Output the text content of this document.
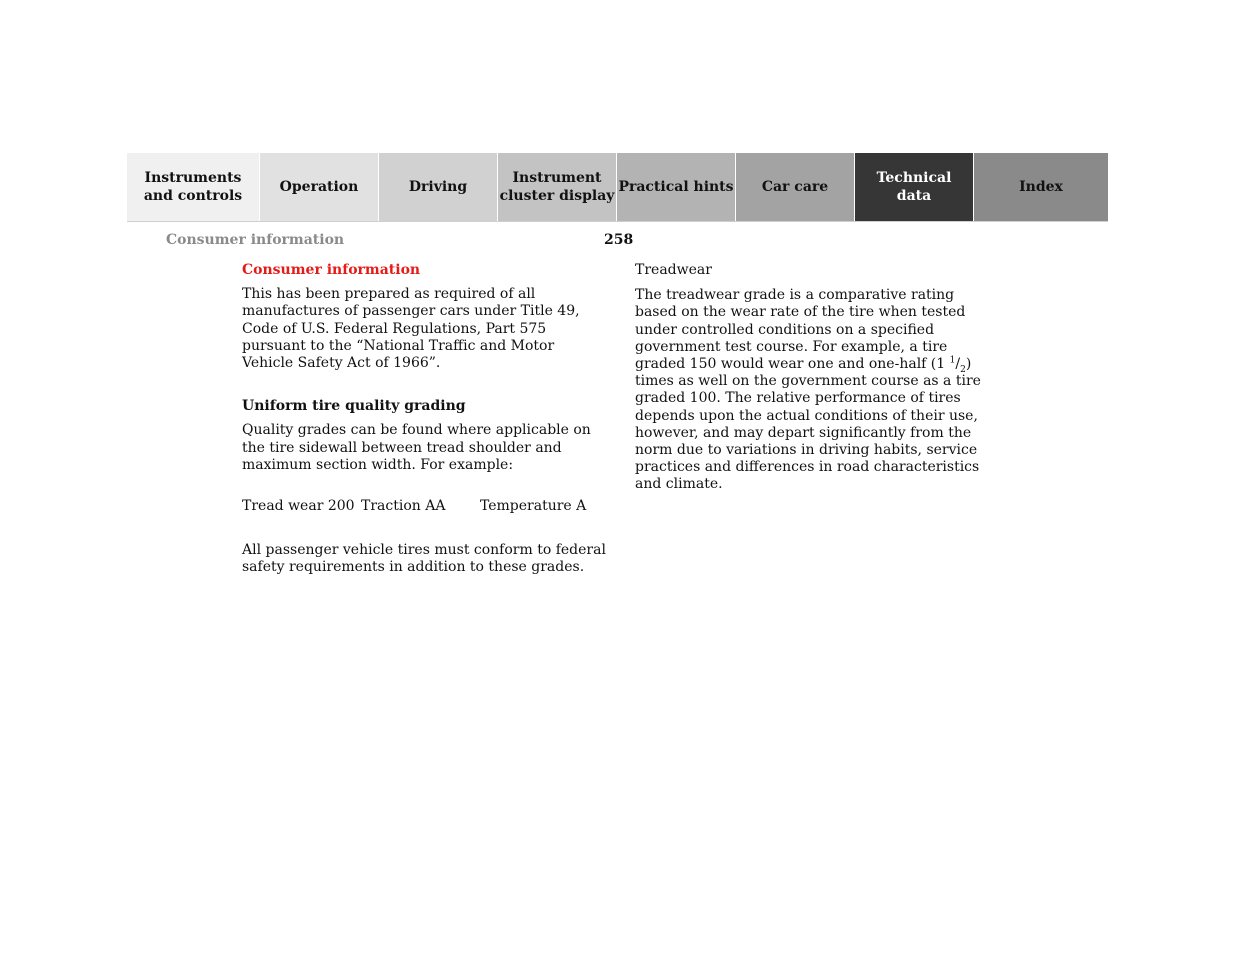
Instruments
and controls
Operation	Driving
Instrument
cluster display
Practical hints	Car care
Technical
data
Index
Consumer information	258
Consumer information

This has been prepared as required of all manufactures of passenger cars under Title 49, Code of U.S. Federal Regulations, Part 575 pursuant to the “National Traffic and Motor Vehicle Safety Act of 1966”.

Uniform tire quality grading

Quality grades can be found where applicable on the tire sidewall between tread shoulder and maximum section width. For example:

Tread wear 200 Traction AA	Temperature A

All passenger vehicle tires must conform to federal safety requirements in addition to these grades.

Treadwear

The treadwear grade is a comparative rating based on the wear rate of the tire when tested under controlled conditions on a specified government test course. For example, a tire graded 150 would wear one and one-half (1 $^1/_2$) times as well on the government course as a tire graded 100. The relative performance of tires depends upon the actual conditions of their use, however, and may depart significantly from the norm due to variations in driving habits, service practices and differences in road characteristics and climate.
